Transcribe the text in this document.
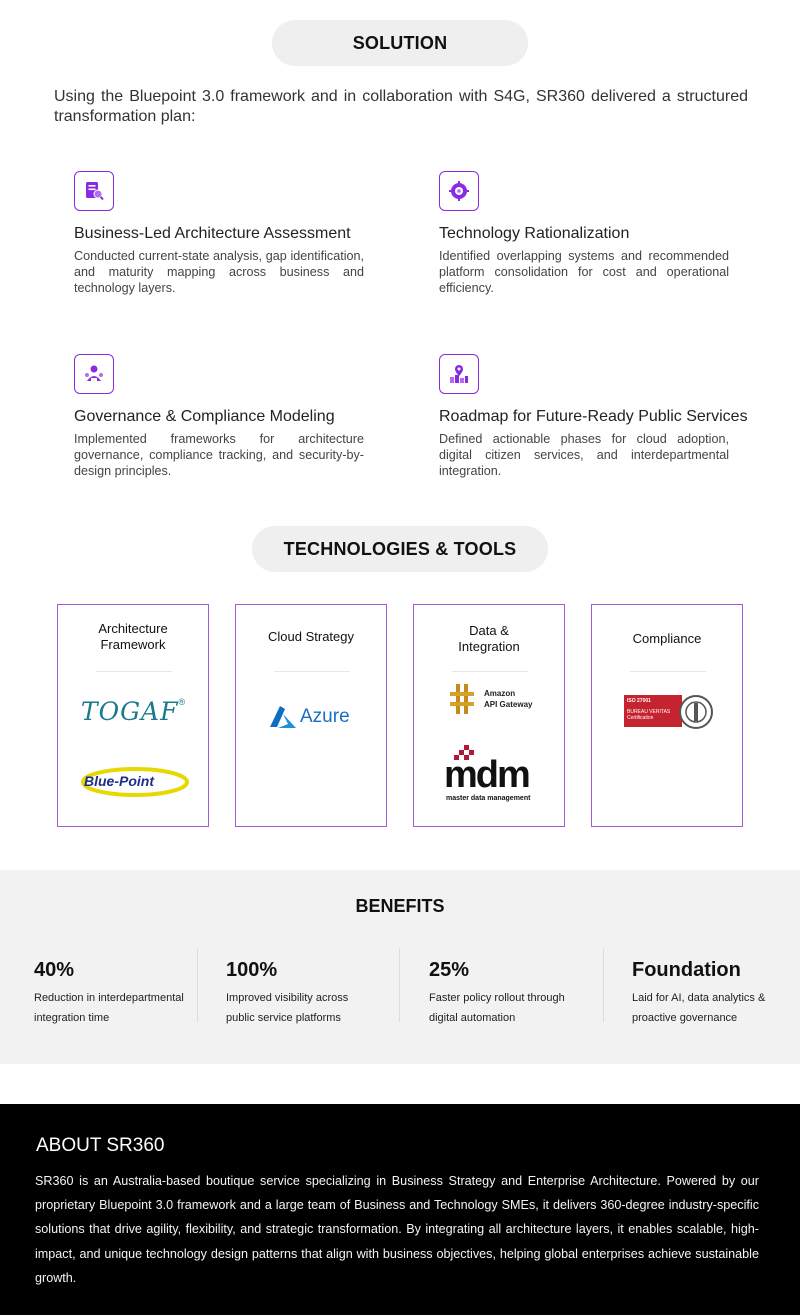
SOLUTION

Using the Bluepoint 3.0 framework and in collaboration with S4G, SR360 delivered a structured transformation plan:

Business-Led Architecture Assessment

Conducted current-state analysis, gap identification, and maturity mapping across business and technology layers.

Technology Rationalization

Identified overlapping systems and recommended platform consolidation for cost and operational efficiency.

Governance & Compliance Modeling

Implemented frameworks for architecture governance, compliance tracking, and security-by-design principles.

Roadmap for Future-Ready Public Services

Defined actionable phases for cloud adoption, digital citizen services, and interdepartmental integration.

TECHNOLOGIES & TOOLS
Architecture Framework
TOGAF®
Blue-Point
Cloud Strategy
Azure
Data & Integration
Amazon
API Gateway
mdm
master data management
Compliance
ISO 27001
BUREAU VERITAS
Certification
BENEFITS
40%
Reduction in interdepartmental integration time
100%
Improved visibility across public service platforms
25%
Faster policy rollout through digital automation
Foundation
Laid for AI, data analytics & proactive governance
ABOUT SR360

SR360 is an Australia-based boutique service specializing in Business Strategy and Enterprise Architecture. Powered by our proprietary Bluepoint 3.0 framework and a large team of Business and Technology SMEs, it delivers 360-degree industry-specific solutions that drive agility, flexibility, and strategic transformation. By integrating all architecture layers, it enables scalable, high-impact, and unique technology design patterns that align with business objectives, helping global enterprises achieve sustainable growth.
